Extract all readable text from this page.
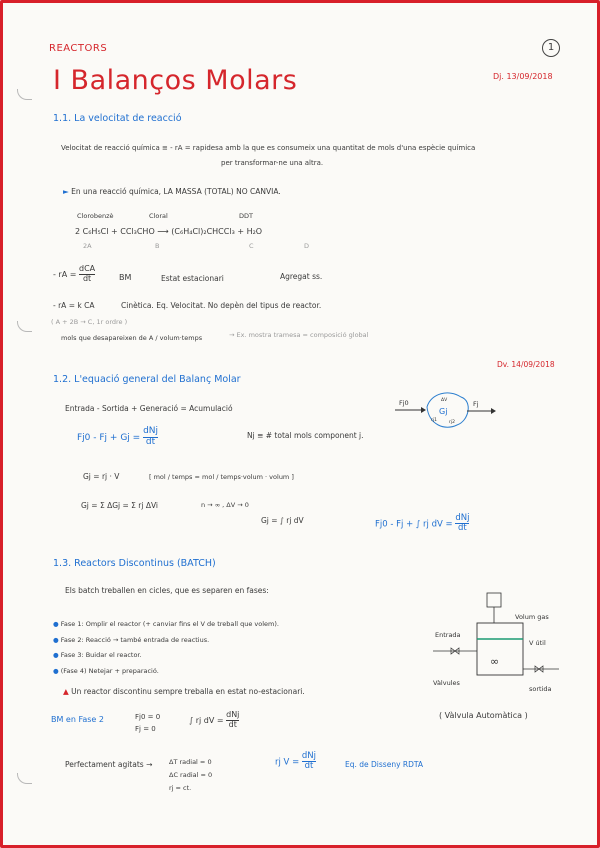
REACTORS	1
I Balanços Molars	Dj. 13/09/2018
1.1. La velocitat de reacció
Velocitat de reacció química ≡ - rA = rapidesa amb la que es consumeix una quantitat de mols d'una espècie química
per transformar-ne una altra.
► En una reacció química, LA MASSA (TOTAL) NO CANVIA.
Clorobenzè	Cloral	DDT
2 C₆H₅Cl + CCl₃CHO ⟶ (C₆H₄Cl)₂CHCCl₃ + H₂O
2A	B	C	D
- rA = $\frac{\text{dCA}}{dt}$	BM	Estat estacionari	Agregat ss.
- rA = k CA	Cinètica. Eq. Velocitat. No depèn del tipus de reactor.
( A + 2B → C, 1r ordre )
mols que desapareixen de A / volum·temps	→ Ex. mostra tramesa = composició global
Dv. 14/09/2018
1.2. L'equació general del Balanç Molar
Entrada - Sortida + Generació = Acumulació
$Fj0 - Fj + Gj = \frac{\text{dNj}}{dt}$	Nj ≡ # total mols component j.
Fj0	Fj
Gj
ΔV
rj1	rj2
Gj = rj · V	[ mol / temps = mol / temps·volum · volum ]
Gj = Σ ΔGj = Σ rj ΔVi	n → ∞ , ΔV → 0
Gj = ∫ rj dV	Fj0 - Fj + ∫ rj dV = $\frac{\text{dNj}}{dt}$
1.3. Reactors Discontinus (BATCH)
Els batch treballen en cicles, que es separen en fases:
● Fase 1: Omplir el reactor (+ canviar fins el V de treball que volem).
● Fase 2: Reacció → també entrada de reactius.
● Fase 3: Buidar el reactor.
● (Fase 4) Netejar + preparació.
∞
Entrada
Volum gas
V útil
Vàlvules
sortida
▲ Un reactor discontinu sempre treballa en estat no-estacionari.
BM en Fase 2	Fj0 = 0
Fj = 0
∫ rj dV = $\frac{\text{dNj}}{dt}$	( Vàlvula Automàtica )
Perfectament agitats →	ΔT radial = 0
ΔC radial = 0
rj = ct.
rj $V = \frac{\text{dNj}}{dt}$	Eq. de Disseny RDTA
